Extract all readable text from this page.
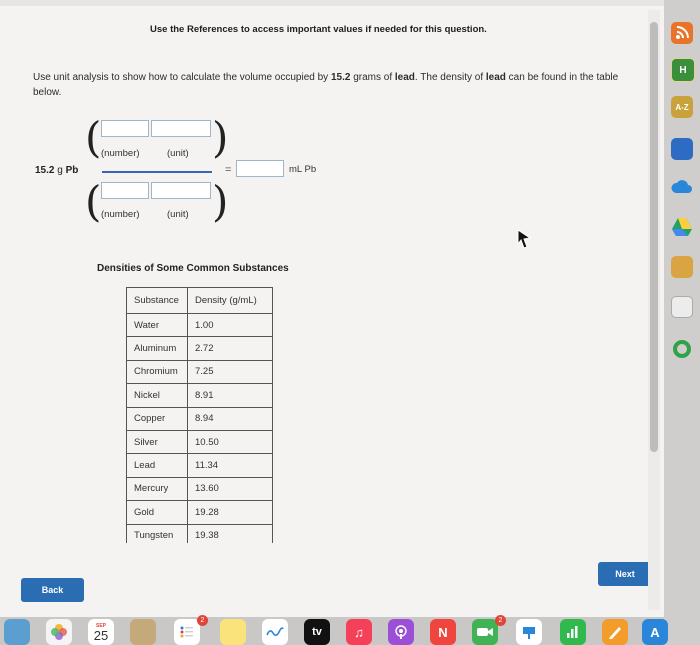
Use the References to access important values if needed for this question.
Use unit analysis to show how to calculate the volume occupied by 15.2 grams of lead. The density of lead can be found in the table below.
15.2 g Pb
(	)
(number)	(unit)
(	)
(number)	(unit)
=	mL Pb
Densities of Some Common Substances
Substance	Density (g/mL)
Water	1.00
Aluminum	2.72
Chromium	7.25
Nickel	8.91
Copper	8.94
Silver	10.50
Lead	11.34
Mercury	13.60
Gold	19.28
Tungsten	19.38
Next
Back
H
A-Z
SEP
25
2
tv	♫	N
2
A
